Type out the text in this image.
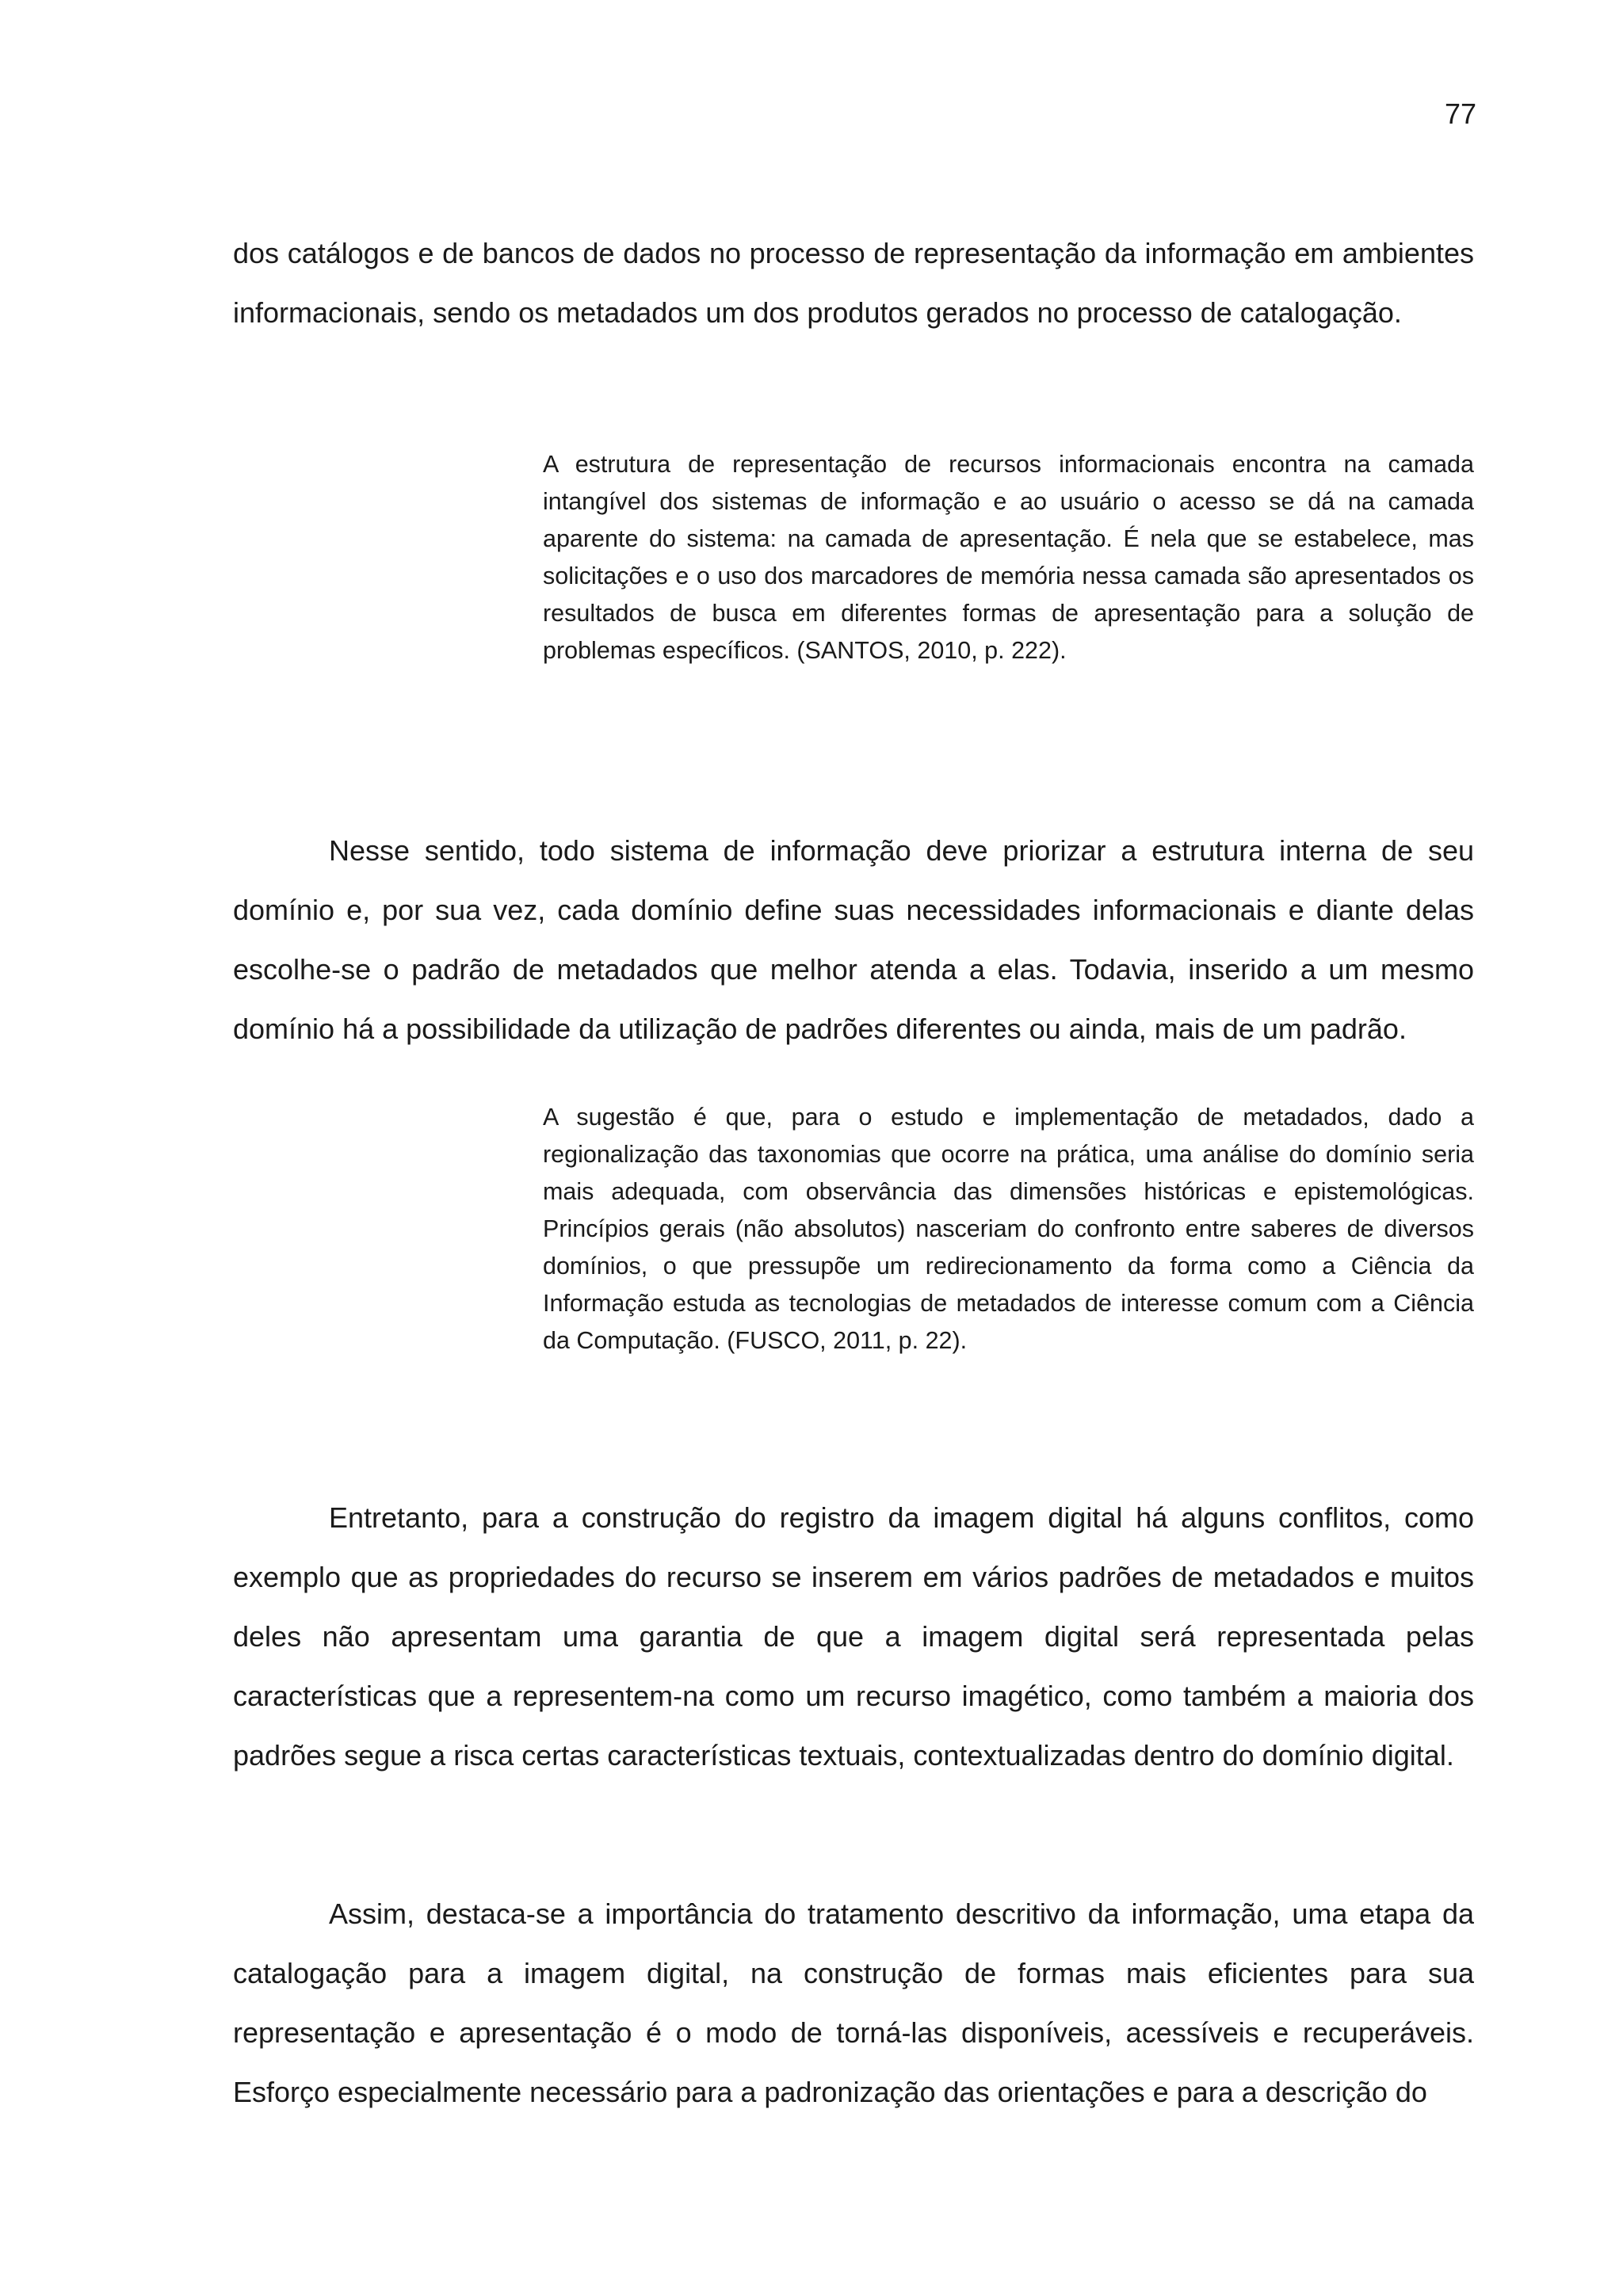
77

dos catálogos e de bancos de dados no processo de representação da informação em ambientes informacionais, sendo os metadados um dos produtos gerados no processo de catalogação.

A estrutura de representação de recursos informacionais encontra na camada intangível dos sistemas de informação e ao usuário o acesso se dá na camada aparente do sistema: na camada de apresentação. É nela que se estabelece, mas solicitações e o uso dos marcadores de memória nessa camada são apresentados os resultados de busca em diferentes formas de apresentação para a solução de problemas específicos. (SANTOS, 2010, p. 222).

Nesse sentido, todo sistema de informação deve priorizar a estrutura interna de seu domínio e, por sua vez, cada domínio define suas necessidades informacionais e diante delas escolhe-se o padrão de metadados que melhor atenda a elas. Todavia, inserido a um mesmo domínio há a possibilidade da utilização de padrões diferentes ou ainda, mais de um padrão.

A sugestão é que, para o estudo e implementação de metadados, dado a regionalização das taxonomias que ocorre na prática, uma análise do domínio seria mais adequada, com observância das dimensões históricas e epistemológicas. Princípios gerais (não absolutos) nasceriam do confronto entre saberes de diversos domínios, o que pressupõe um redirecionamento da forma como a Ciência da Informação estuda as tecnologias de metadados de interesse comum com a Ciência da Computação. (FUSCO, 2011, p. 22).

Entretanto, para a construção do registro da imagem digital há alguns conflitos, como exemplo que as propriedades do recurso se inserem em vários padrões de metadados e muitos deles não apresentam uma garantia de que a imagem digital será representada pelas características que a representem-na como um recurso imagético, como também a maioria dos padrões segue a risca certas características textuais, contextualizadas dentro do domínio digital.

Assim, destaca-se a importância do tratamento descritivo da informação, uma etapa da catalogação para a imagem digital, na construção de formas mais eficientes para sua representação e apresentação é o modo de torná-las disponíveis, acessíveis e recuperáveis. Esforço especialmente necessário para a padronização das orientações e para a descrição do
